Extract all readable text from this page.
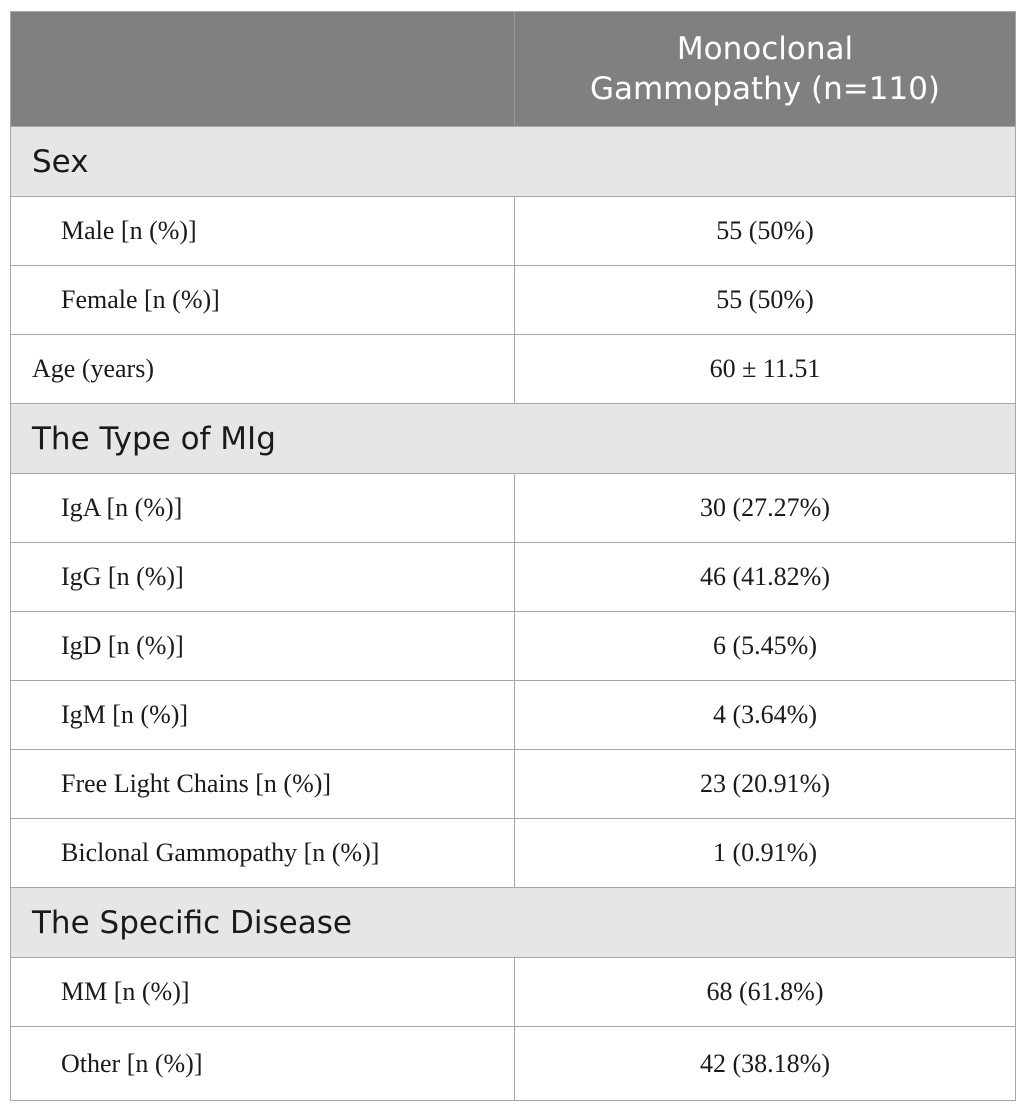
Monoclonal
Gammopathy (n=110)
Sex
Male [n (%)]	55 (50%)
Female [n (%)]	55 (50%)
Age (years)	60 ± 11.51
The Type of MIg
IgA [n (%)]	30 (27.27%)
IgG [n (%)]	46 (41.82%)
IgD [n (%)]	6 (5.45%)
IgM [n (%)]	4 (3.64%)
Free Light Chains [n (%)]	23 (20.91%)
Biclonal Gammopathy [n (%)]	1 (0.91%)
The Specific Disease
MM [n (%)]	68 (61.8%)
Other [n (%)]	42 (38.18%)
